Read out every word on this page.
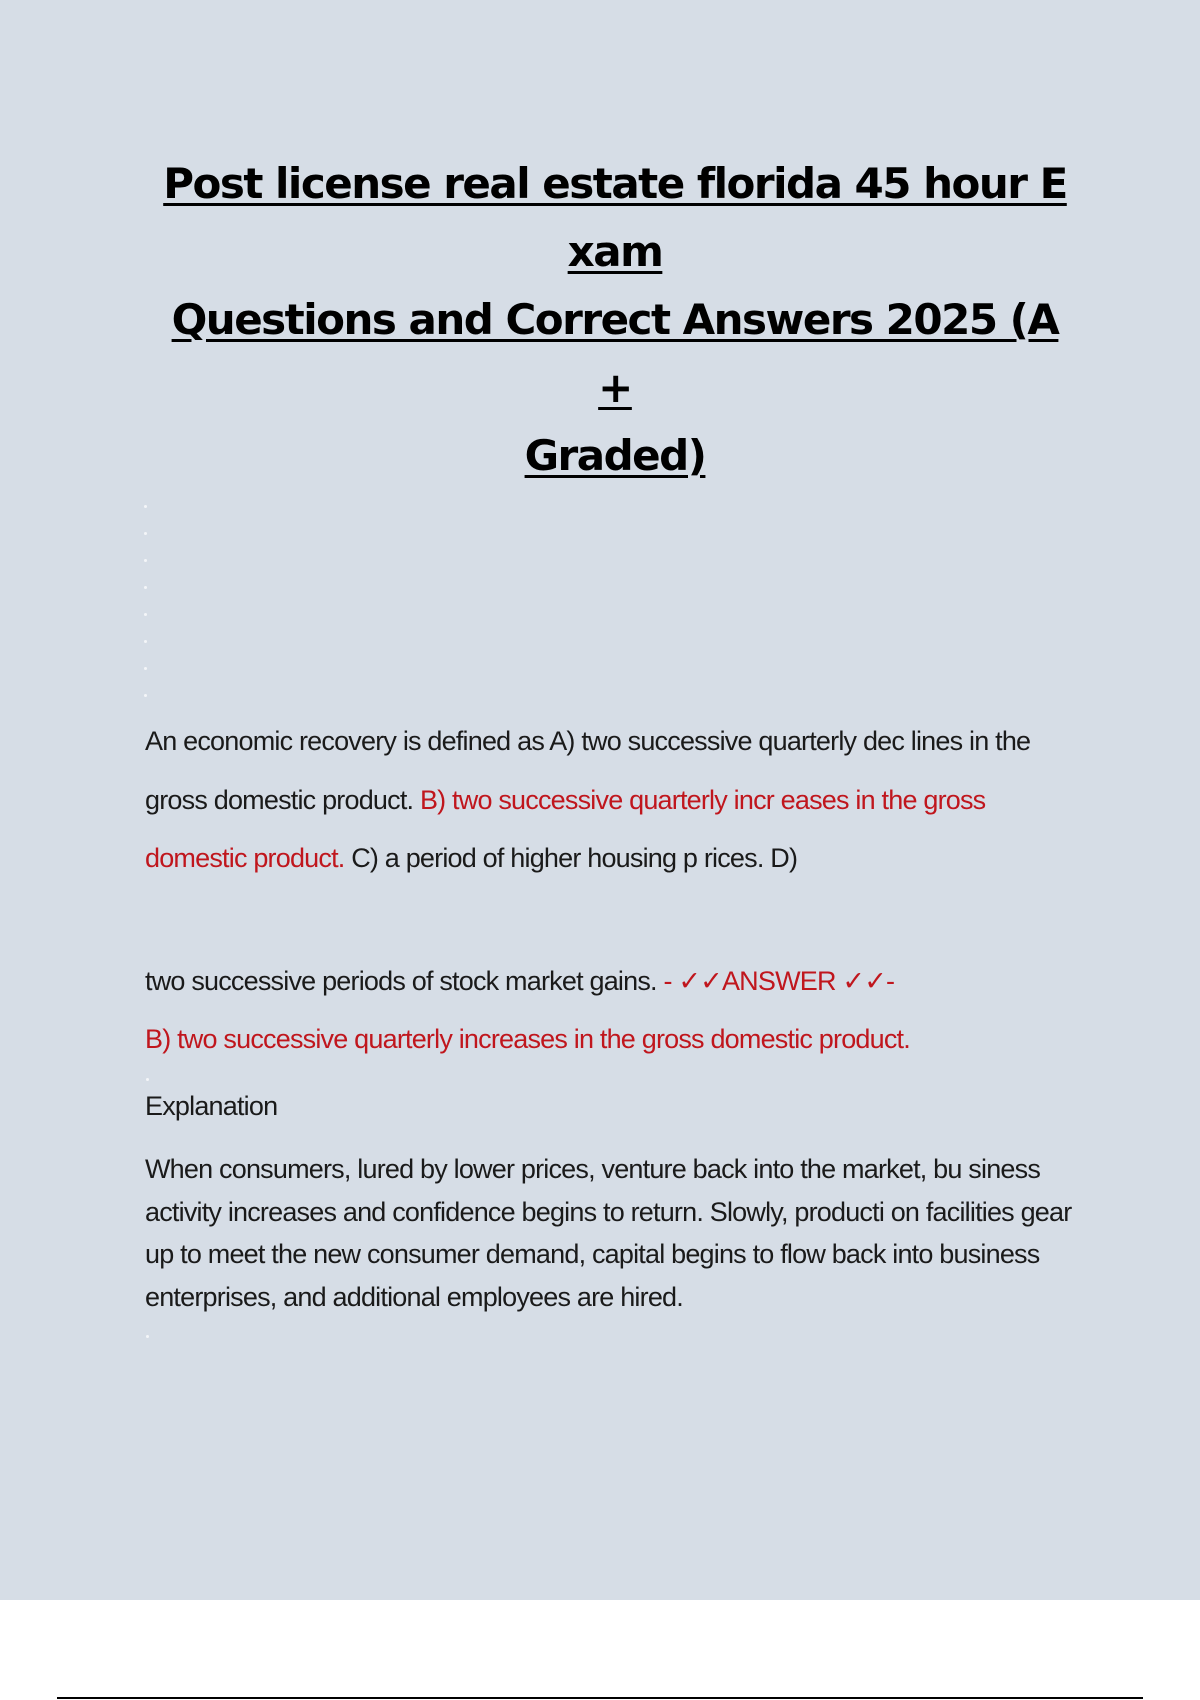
Post license real estate florida 45 hour E
xam
Questions and Correct Answers 2025 (A
+
Graded)
An economic recovery is defined as A) two successive quarterly dec lines in the gross domestic product. B) two successive quarterly incr eases in the gross domestic product. C) a period of higher housing p rices. D)
two successive periods of stock market gains. - ✓✓ANSWER ✓✓-
B) two successive quarterly increases in the gross domestic product.
Explanation
When consumers, lured by lower prices, venture back into the market, bu siness activity increases and confidence begins to return. Slowly, producti on facilities gear up to meet the new consumer demand, capital begins to flow back into business enterprises, and additional employees are hired.
